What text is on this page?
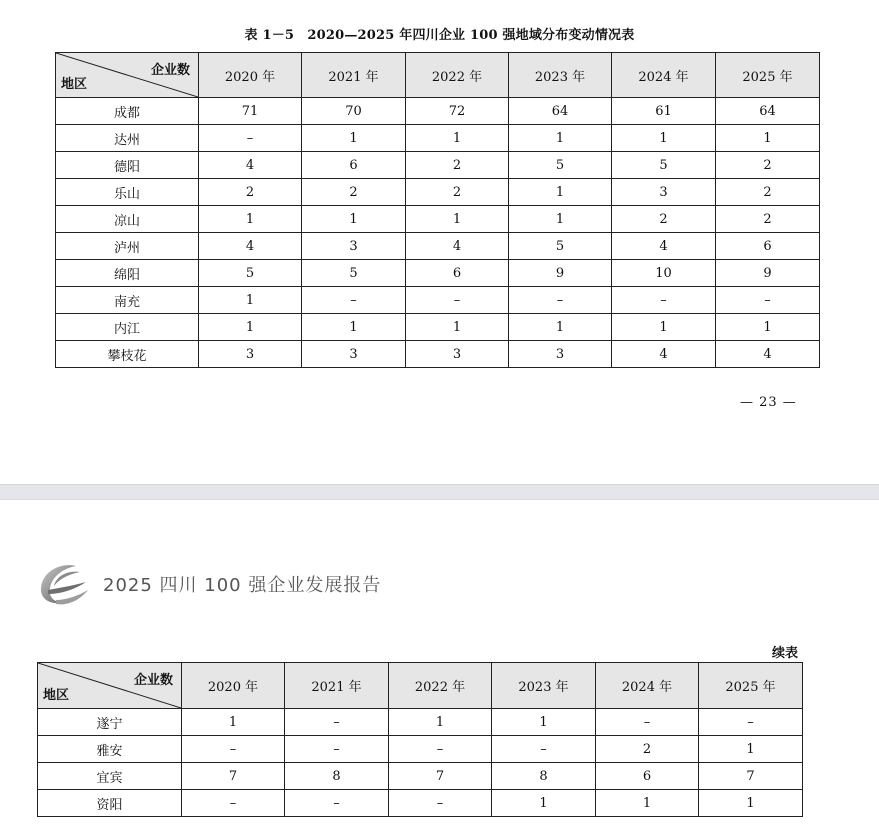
表 1－5　2020—2025 年四川企业 100 强地域分布变动情况表
企业数
地区	2020 年	2021 年	2022 年	2023 年	2024 年	2025 年
成都	71	70	72	64	61	64
达州	–	1	1	1	1	1
德阳	4	6	2	5	5	2
乐山	2	2	2	1	3	2
凉山	1	1	1	1	2	2
泸州	4	3	4	5	4	6
绵阳	5	5	6	9	10	9
南充	1	–	–	–	–	–
内江	1	1	1	1	1	1
攀枝花	3	3	3	3	4	4
— 23 —
2025 四川 100 强企业发展报告
续表
企业数
地区	2020 年	2021 年	2022 年	2023 年	2024 年	2025 年
遂宁	1	–	1	1	–	–
雅安	–	–	–	–	2	1
宜宾	7	8	7	8	6	7
资阳	–	–	–	1	1	1
